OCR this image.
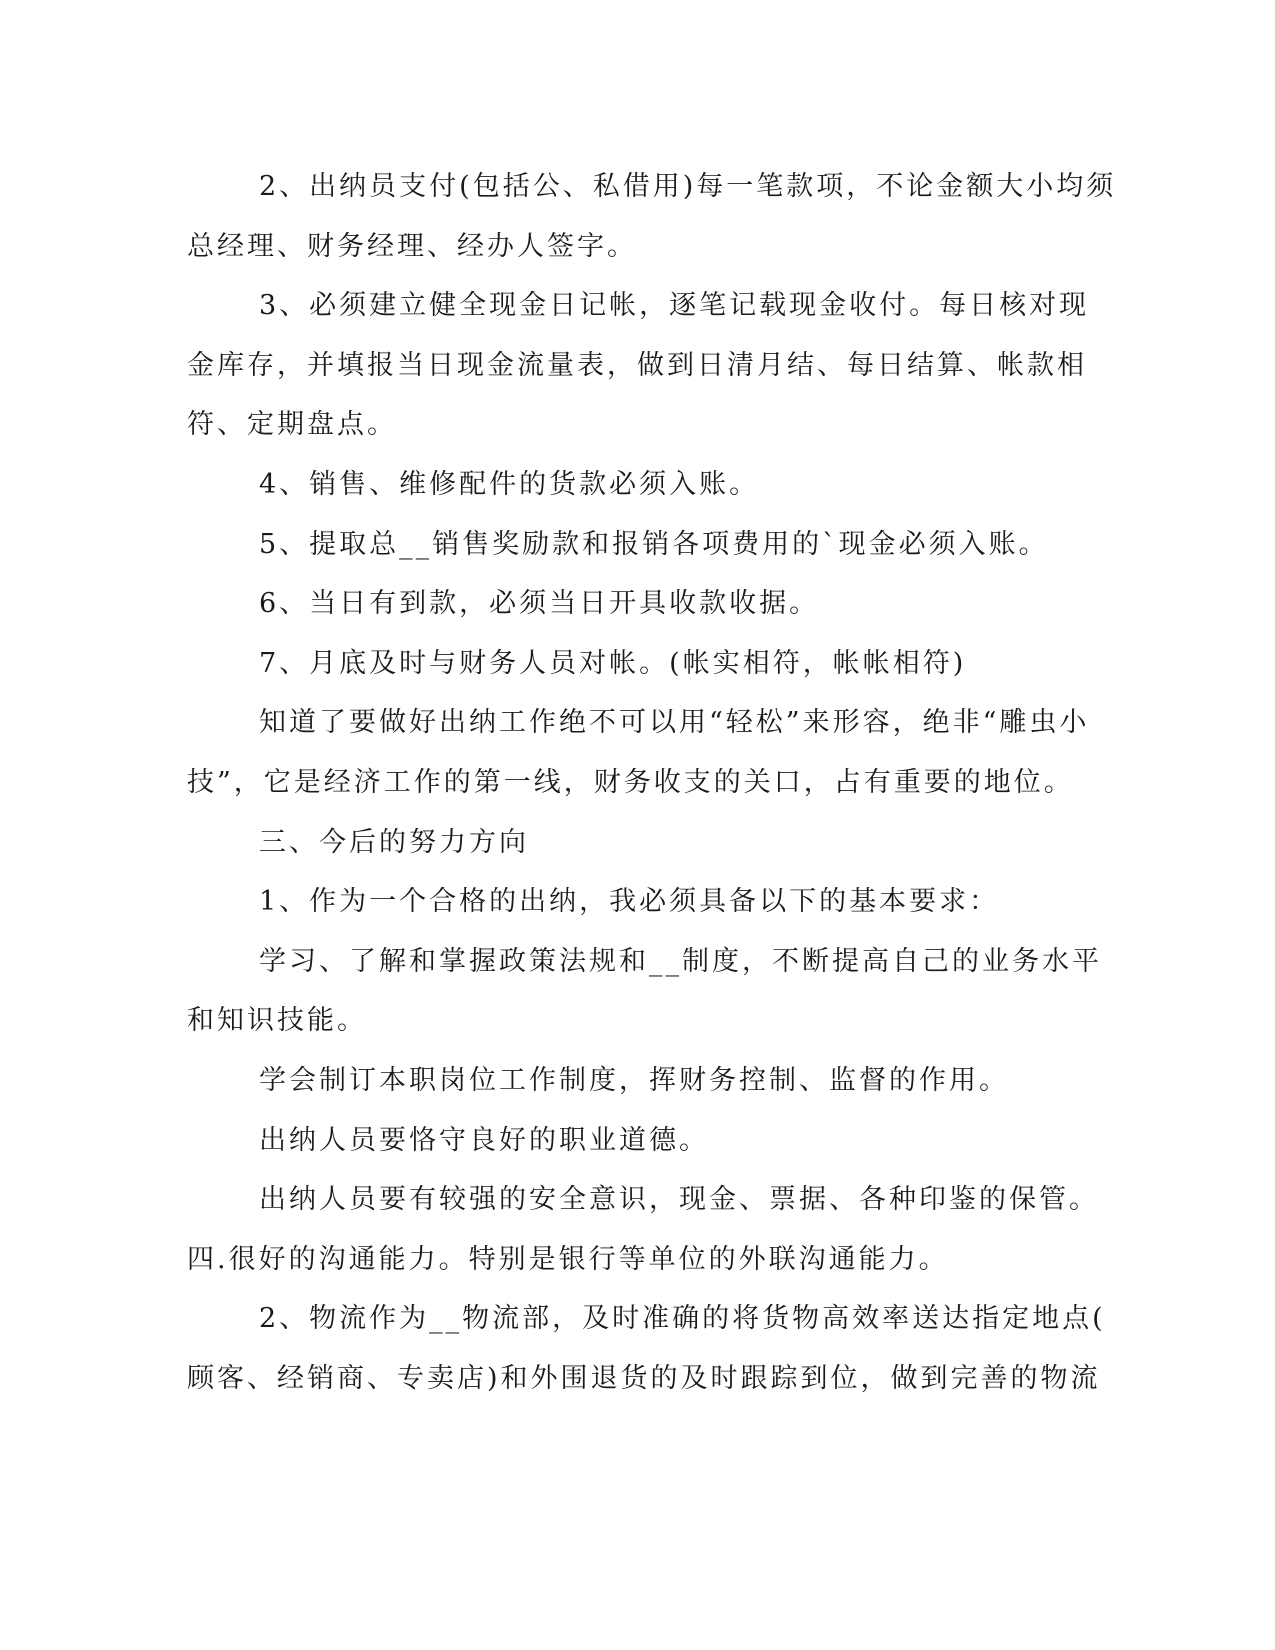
2、出纳员支付(包括公、私借用)每一笔款项，不论金额大小均须
总经理、财务经理、经办人签字。
3、必须建立健全现金日记帐，逐笔记载现金收付。每日核对现
金库存，并填报当日现金流量表，做到日清月结、每日结算、帐款相
符、定期盘点。
4、销售、维修配件的货款必须入账。
5、提取总__销售奖励款和报销各项费用的`现金必须入账。
6、当日有到款，必须当日开具收款收据。
7、月底及时与财务人员对帐。(帐实相符，帐帐相符)
知道了要做好出纳工作绝不可以用“轻松”来形容，绝非“雕虫小
技”，它是经济工作的第一线，财务收支的关口，占有重要的地位。
三、今后的努力方向
1、作为一个合格的出纳，我必须具备以下的基本要求：
学习、了解和掌握政策法规和__制度，不断提高自己的业务水平
和知识技能。
学会制订本职岗位工作制度，挥财务控制、监督的作用。
出纳人员要恪守良好的职业道德。
出纳人员要有较强的安全意识，现金、票据、各种印鉴的保管。
四.很好的沟通能力。特别是银行等单位的外联沟通能力。
2、物流作为__物流部，及时准确的将货物高效率送达指定地点(
顾客、经销商、专卖店)和外围退货的及时跟踪到位，做到完善的物流
